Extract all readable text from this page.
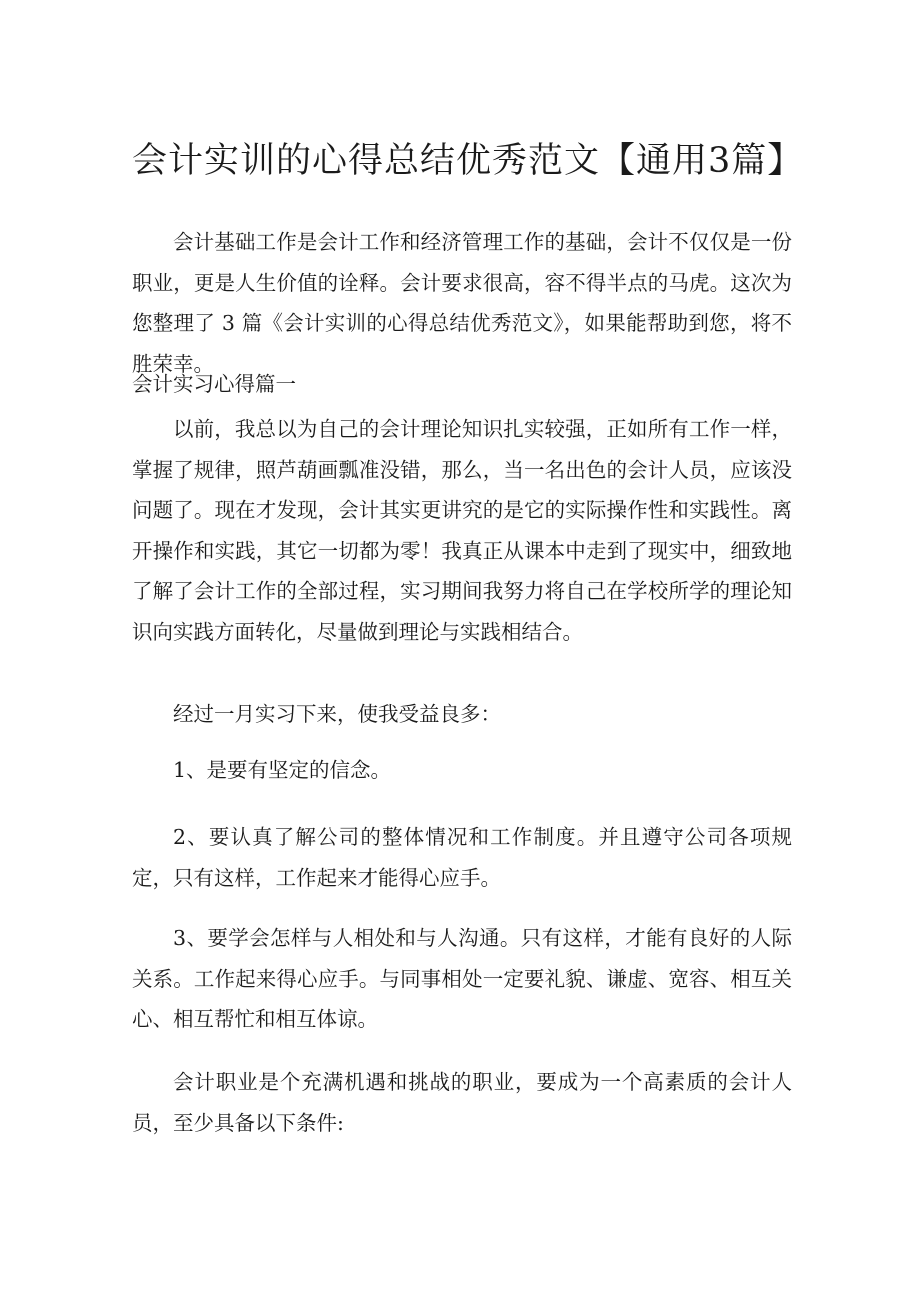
会计实训的心得总结优秀范文【通用3篇】

会计基础工作是会计工作和经济管理工作的基础，会计不仅仅是一份职业，更是人生价值的诠释。会计要求很高，容不得半点的马虎。这次为您整理了 3 篇《会计实训的心得总结优秀范文》，如果能帮助到您，将不胜荣幸。

会计实习心得篇一

以前，我总以为自己的会计理论知识扎实较强，正如所有工作一样，掌握了规律，照芦葫画瓢准没错，那么，当一名出色的会计人员，应该没问题了。现在才发现，会计其实更讲究的是它的实际操作性和实践性。离开操作和实践，其它一切都为零！我真正从课本中走到了现实中，细致地了解了会计工作的全部过程，实习期间我努力将自己在学校所学的理论知识向实践方面转化，尽量做到理论与实践相结合。

经过一月实习下来，使我受益良多：

1、是要有坚定的信念。

2、要认真了解公司的整体情况和工作制度。并且遵守公司各项规定，只有这样，工作起来才能得心应手。

3、要学会怎样与人相处和与人沟通。只有这样，才能有良好的人际关系。工作起来得心应手。与同事相处一定要礼貌、谦虚、宽容、相互关心、相互帮忙和相互体谅。

会计职业是个充满机遇和挑战的职业，要成为一个高素质的会计人员，至少具备以下条件:
